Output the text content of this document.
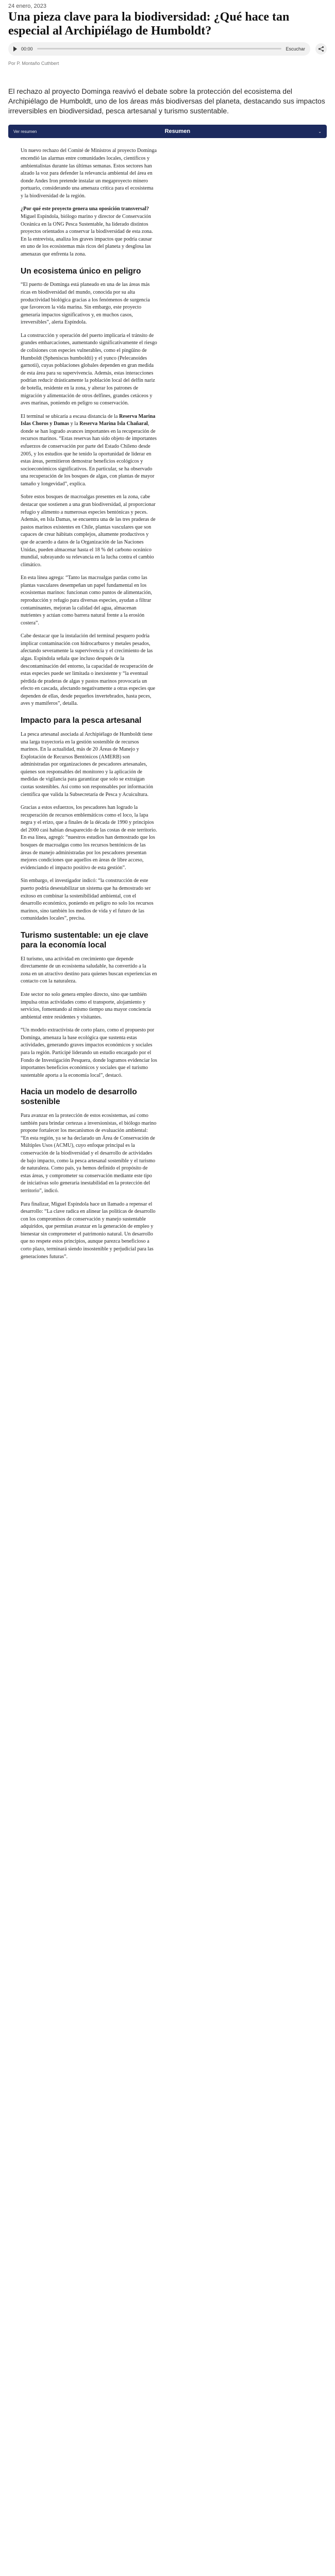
24 enero, 2023
Una pieza clave para la biodiversidad: ¿Qué hace tan especial al Archipiélago de Humboldt?
00:00	Escuchar
Por P. Montaño Cuthbert

El rechazo al proyecto Dominga reavivó el debate sobre la protección del ecosistema del Archipiélago de Humboldt, uno de los áreas más biodiversas del planeta, destacando sus impactos irreversibles en biodiversidad, pesca artesanal y turismo sustentable.

Ver resumen	Resumen	⌄

Un nuevo rechazo del Comité de Ministros al proyecto Dominga encendió las alarmas entre comunidades locales, científicos y ambientalistas durante las últimas semanas. Estos sectores han alzado la voz para defender la relevancia ambiental del área en donde Andes Iron pretende instalar un megaproyecto minero portuario, considerando una amenaza crítica para el ecosistema y la biodiversidad de la región.

¿Por qué este proyecto genera una oposición transversal? Miguel Espíndola, biólogo marino y director de Conservación Oceánica en la ONG Pesca Sustentable, ha liderado distintos proyectos orientados a conservar la biodiversidad de esta zona. En la entrevista, analiza los graves impactos que podría causar en uno de los ecosistemas más ricos del planeta y desglosa las amenazas que enfrenta la zona.

Un ecosistema único en peligro

“El puerto de Dominga está planeado en una de las áreas más ricas en biodiversidad del mundo, conocida por su alta productividad biológica gracias a los fenómenos de surgencia que favorecen la vida marina. Sin embargo, este proyecto generaría impactos significativos y, en muchos casos, irreversibles”, alerta Espíndola.

La construcción y operación del puerto implicaría el tránsito de grandes embarcaciones, aumentando significativamente el riesgo de colisiones con especies vulnerables, como el pingüino de Humboldt (Spheniscus humboldti) y el yunco (Pelecanoides garnotii), cuyas poblaciones globales dependen en gran medida de esta área para su supervivencia. Además, estas interacciones podrían reducir drásticamente la población local del delfín nariz de botella, residente en la zona, y alterar los patrones de migración y alimentación de otros delfines, grandes cetáceos y aves marinas, poniendo en peligro su conservación.

El terminal se ubicaría a escasa distancia de la Reserva Marina Islas Choros y Damas y la Reserva Marina Isla Chañaral, donde se han logrado avances importantes en la recuperación de recursos marinos. “Estas reservas han sido objeto de importantes esfuerzos de conservación por parte del Estado Chileno desde 2005, y los estudios que he tenido la oportunidad de liderar en estas áreas, permitieron demostrar beneficios ecológicos y socioeconómicos significativos. En particular, se ha observado una recuperación de los bosques de algas, con plantas de mayor tamaño y longevidad”, explica.

Sobre estos bosques de macroalgas presentes en la zona, cabe destacar que sostienen a una gran biodiversidad, al proporcionar refugio y alimento a numerosas especies bentónicas y peces. Además, en Isla Damas, se encuentra una de las tres praderas de pastos marinos existentes en Chile, plantas vasculares que son capaces de crear hábitats complejos, altamente productivos y que de acuerdo a datos de la Organización de las Naciones Unidas, pueden almacenar hasta el 18 % del carbono oceánico mundial, subrayando su relevancia en la lucha contra el cambio climático.

En esta línea agrega: “Tanto las macroalgas pardas como las plantas vasculares desempeñan un papel fundamental en los ecosistemas marinos: funcionan como puntos de alimentación, reproducción y refugio para diversas especies, ayudan a filtrar contaminantes, mejoran la calidad del agua, almacenan nutrientes y actúan como barrera natural frente a la erosión costera”.

Cabe destacar que la instalación del terminal pesquero podría implicar contaminación con hidrocarburos y metales pesados, afectando severamente la supervivencia y el crecimiento de las algas. Espíndola señala que incluso después de la descontaminación del entorno, la capacidad de recuperación de estas especies puede ser limitada o inexistente y “la eventual pérdida de praderas de algas y pastos marinos provocaría un efecto en cascada, afectando negativamente a otras especies que dependen de ellas, desde pequeños invertebrados, hasta peces, aves y mamíferos”, detalla.

Impacto para la pesca artesanal

La pesca artesanal asociada al Archipiélago de Humboldt tiene una larga trayectoria en la gestión sostenible de recursos marinos. En la actualidad, más de 20 Áreas de Manejo y Explotación de Recursos Bentónicos (AMERB) son administradas por organizaciones de pescadores artesanales, quienes son responsables del monitoreo y la aplicación de medidas de vigilancia para garantizar que solo se extraigan cuotas sostenibles. Así como son responsables por información científica que valida la Subsecretaría de Pesca y Acuicultura.

Gracias a estos esfuerzos, los pescadores han logrado la recuperación de recursos emblemáticos como el loco, la lapa negra y el erizo, que a finales de la década de 1990 y principios del 2000 casi habían desaparecido de las costas de este territorio. En esa línea, agregó: “nuestros estudios han demostrado que los bosques de macroalgas como los recursos bentónicos de las áreas de manejo administradas por los pescadores presentan mejores condiciones que aquellos en áreas de libre acceso, evidenciando el impacto positivo de esta gestión”.

Sin embargo, el investigador indicó: “la construcción de este puerto podría desestabilizar un sistema que ha demostrado ser exitoso en combinar la sostenibilidad ambiental, con el desarrollo económico, poniendo en peligro no solo los recursos marinos, sino también los medios de vida y el futuro de las comunidades locales”, precisa.

Turismo sustentable: un eje clave para la economía local

El turismo, una actividad en crecimiento que depende directamente de un ecosistema saludable, ha convertido a la zona en un atractivo destino para quienes buscan experiencias en contacto con la naturaleza.

Este sector no solo genera empleo directo, sino que también impulsa otras actividades como el transporte, alojamiento y servicios, fomentando al mismo tiempo una mayor conciencia ambiental entre residentes y visitantes.

“Un modelo extractivista de corto plazo, como el propuesto por Dominga, amenaza la base ecológica que sustenta estas actividades, generando graves impactos económicos y sociales para la región. Participé liderando un estudio encargado por el Fondo de Investigación Pesquera, donde logramos evidenciar los importantes beneficios económicos y sociales que el turismo sustentable aporta a la economía local”, destacó.

Hacia un modelo de desarrollo sostenible

Para avanzar en la protección de estos ecosistemas, así como también para brindar certezas a inversionistas, el biólogo marino propone fortalecer los mecanismos de evaluación ambiental: “En esta región, ya se ha declarado un Área de Conservación de Múltiples Usos (ACMU), cuyo enfoque principal es la conservación de la biodiversidad y el desarrollo de actividades de bajo impacto, como la pesca artesanal sostenible y el turismo de naturaleza. Como país, ya hemos definido el propósito de estas áreas, y comprometer su conservación mediante este tipo de iniciativas solo generaría inestabilidad en la protección del territorio”, indicó.

Para finalizar, Miguel Espíndola hace un llamado a repensar el desarrollo: “La clave radica en alinear las políticas de desarrollo con los compromisos de conservación y manejo sustentable adquiridos, que permitan avanzar en la generación de empleo y bienestar sin comprometer el patrimonio natural. Un desarrollo que no respete estos principios, aunque parezca beneficioso a corto plazo, terminará siendo insostenible y perjudicial para las generaciones futuras”.
